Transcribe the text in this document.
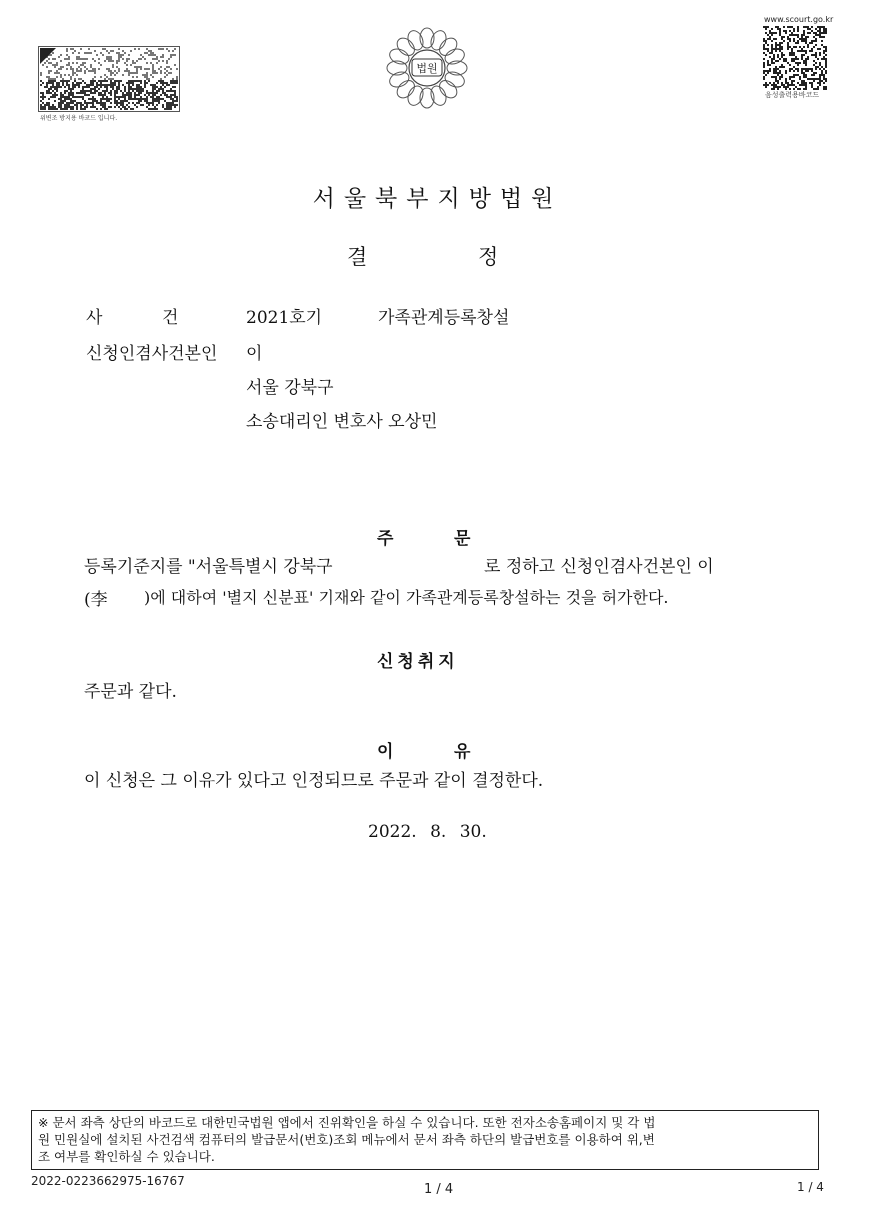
위변조 방지용 바코드 입니다.
법원
www.scourt.go.kr
음성출력용바코드
서울북부지방법원
결	정
사	건	2021호기	가족관계등록창설
신청인겸사건본인 이
서울 강북구
소송대리인 변호사 오상민
주	문
등록기준지를 "서울특별시 강북구	로 정하고 신청인겸사건본인 이
(李 )에 대하여 '별지 신분표' 기재와 같이 가족관계등록창설하는 것을 허가한다.
신청취지
주문과 같다.
이	유
이 신청은 그 이유가 있다고 인정되므로 주문과 같이 결정한다.
2022. 8. 30.
※ 문서 좌측 상단의 바코드로 대한민국법원 앱에서 진위확인을 하실 수 있습니다. 또한 전자소송홈페이지 및 각 법
원 민원실에 설치된 사건검색 컴퓨터의 발급문서(번호)조회 메뉴에서 문서 좌측 하단의 발급번호를 이용하여 위,변
조 여부를 확인하실 수 있습니다.
2022-0223662975-16767
1 / 4	1 / 4
